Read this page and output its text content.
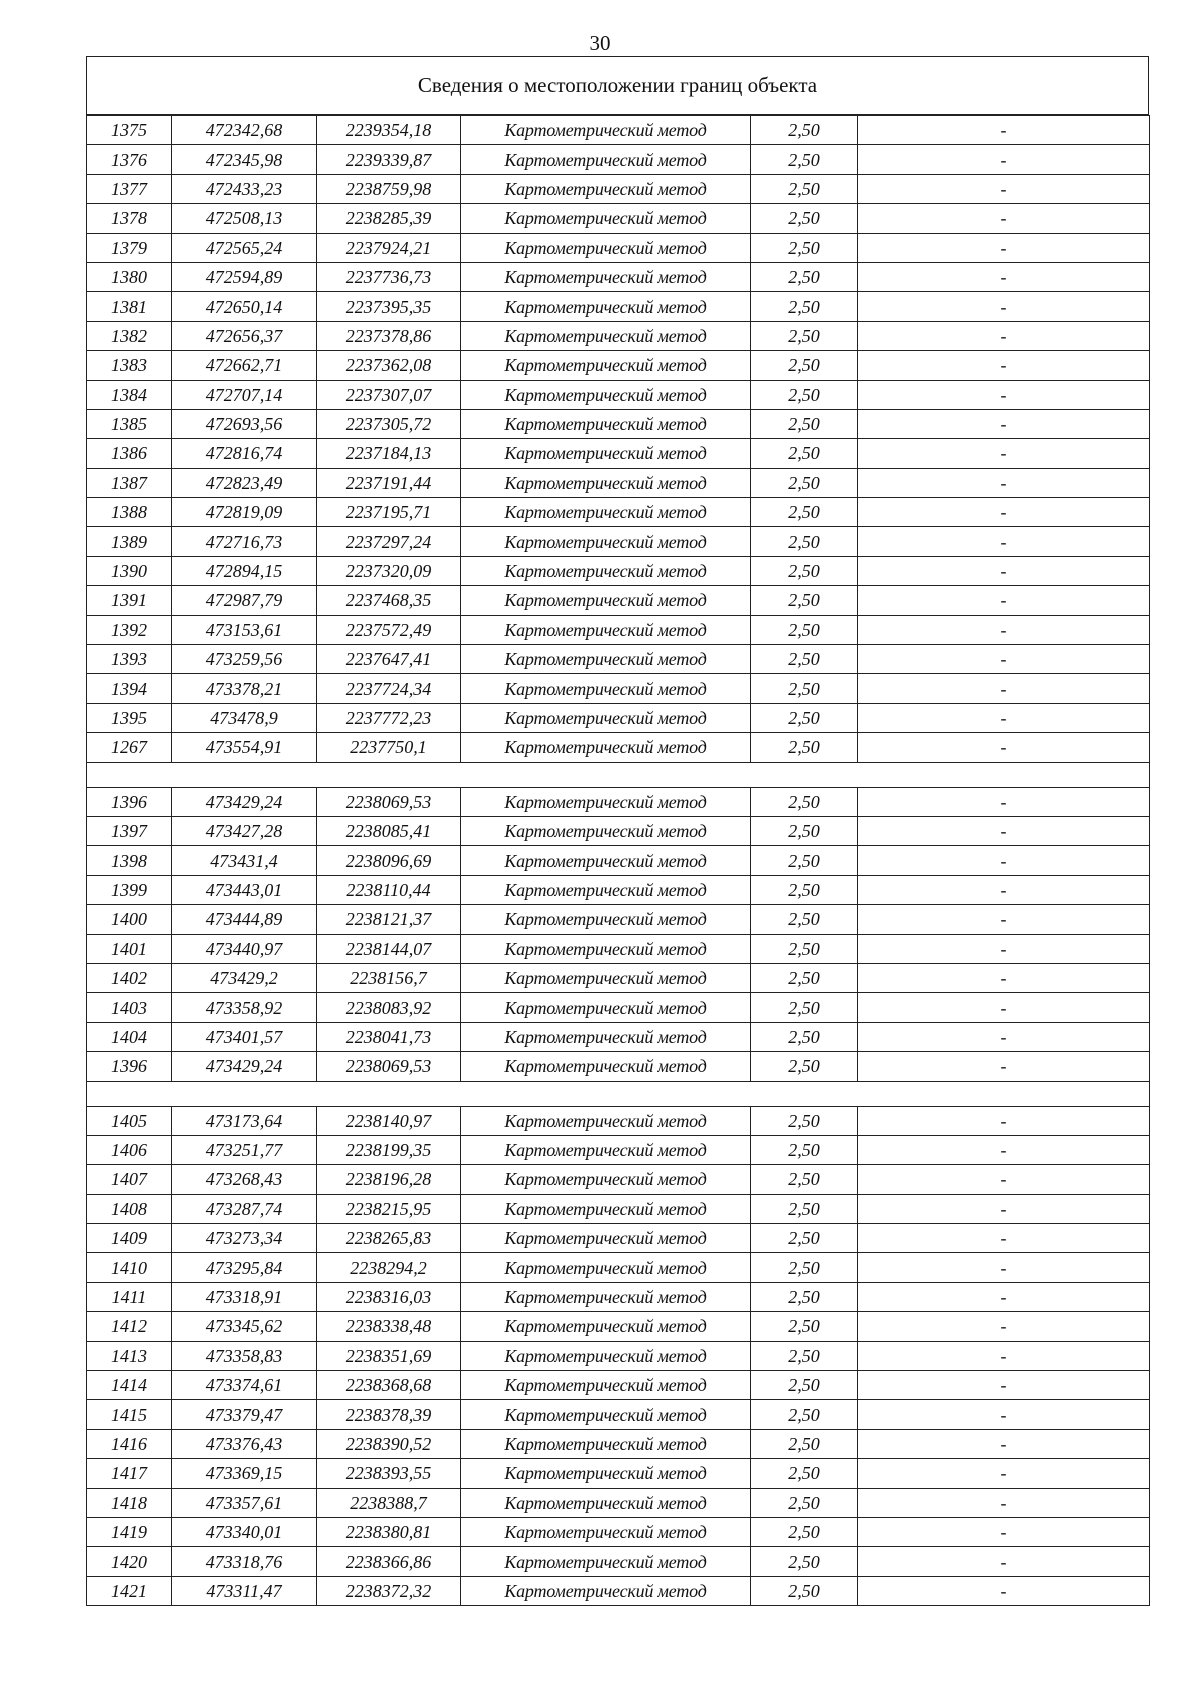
30
Сведения о местоположении границ объекта
1375	472342,68	2239354,18	Картометрический метод	2,50	-
1376	472345,98	2239339,87	Картометрический метод	2,50	-
1377	472433,23	2238759,98	Картометрический метод	2,50	-
1378	472508,13	2238285,39	Картометрический метод	2,50	-
1379	472565,24	2237924,21	Картометрический метод	2,50	-
1380	472594,89	2237736,73	Картометрический метод	2,50	-
1381	472650,14	2237395,35	Картометрический метод	2,50	-
1382	472656,37	2237378,86	Картометрический метод	2,50	-
1383	472662,71	2237362,08	Картометрический метод	2,50	-
1384	472707,14	2237307,07	Картометрический метод	2,50	-
1385	472693,56	2237305,72	Картометрический метод	2,50	-
1386	472816,74	2237184,13	Картометрический метод	2,50	-
1387	472823,49	2237191,44	Картометрический метод	2,50	-
1388	472819,09	2237195,71	Картометрический метод	2,50	-
1389	472716,73	2237297,24	Картометрический метод	2,50	-
1390	472894,15	2237320,09	Картометрический метод	2,50	-
1391	472987,79	2237468,35	Картометрический метод	2,50	-
1392	473153,61	2237572,49	Картометрический метод	2,50	-
1393	473259,56	2237647,41	Картометрический метод	2,50	-
1394	473378,21	2237724,34	Картометрический метод	2,50	-
1395	473478,9	2237772,23	Картометрический метод	2,50	-
1267	473554,91	2237750,1	Картометрический метод	2,50	-

1396	473429,24	2238069,53	Картометрический метод	2,50	-
1397	473427,28	2238085,41	Картометрический метод	2,50	-
1398	473431,4	2238096,69	Картометрический метод	2,50	-
1399	473443,01	2238110,44	Картометрический метод	2,50	-
1400	473444,89	2238121,37	Картометрический метод	2,50	-
1401	473440,97	2238144,07	Картометрический метод	2,50	-
1402	473429,2	2238156,7	Картометрический метод	2,50	-
1403	473358,92	2238083,92	Картометрический метод	2,50	-
1404	473401,57	2238041,73	Картометрический метод	2,50	-
1396	473429,24	2238069,53	Картометрический метод	2,50	-

1405	473173,64	2238140,97	Картометрический метод	2,50	-
1406	473251,77	2238199,35	Картометрический метод	2,50	-
1407	473268,43	2238196,28	Картометрический метод	2,50	-
1408	473287,74	2238215,95	Картометрический метод	2,50	-
1409	473273,34	2238265,83	Картометрический метод	2,50	-
1410	473295,84	2238294,2	Картометрический метод	2,50	-
1411	473318,91	2238316,03	Картометрический метод	2,50	-
1412	473345,62	2238338,48	Картометрический метод	2,50	-
1413	473358,83	2238351,69	Картометрический метод	2,50	-
1414	473374,61	2238368,68	Картометрический метод	2,50	-
1415	473379,47	2238378,39	Картометрический метод	2,50	-
1416	473376,43	2238390,52	Картометрический метод	2,50	-
1417	473369,15	2238393,55	Картометрический метод	2,50	-
1418	473357,61	2238388,7	Картометрический метод	2,50	-
1419	473340,01	2238380,81	Картометрический метод	2,50	-
1420	473318,76	2238366,86	Картометрический метод	2,50	-
1421	473311,47	2238372,32	Картометрический метод	2,50	-
